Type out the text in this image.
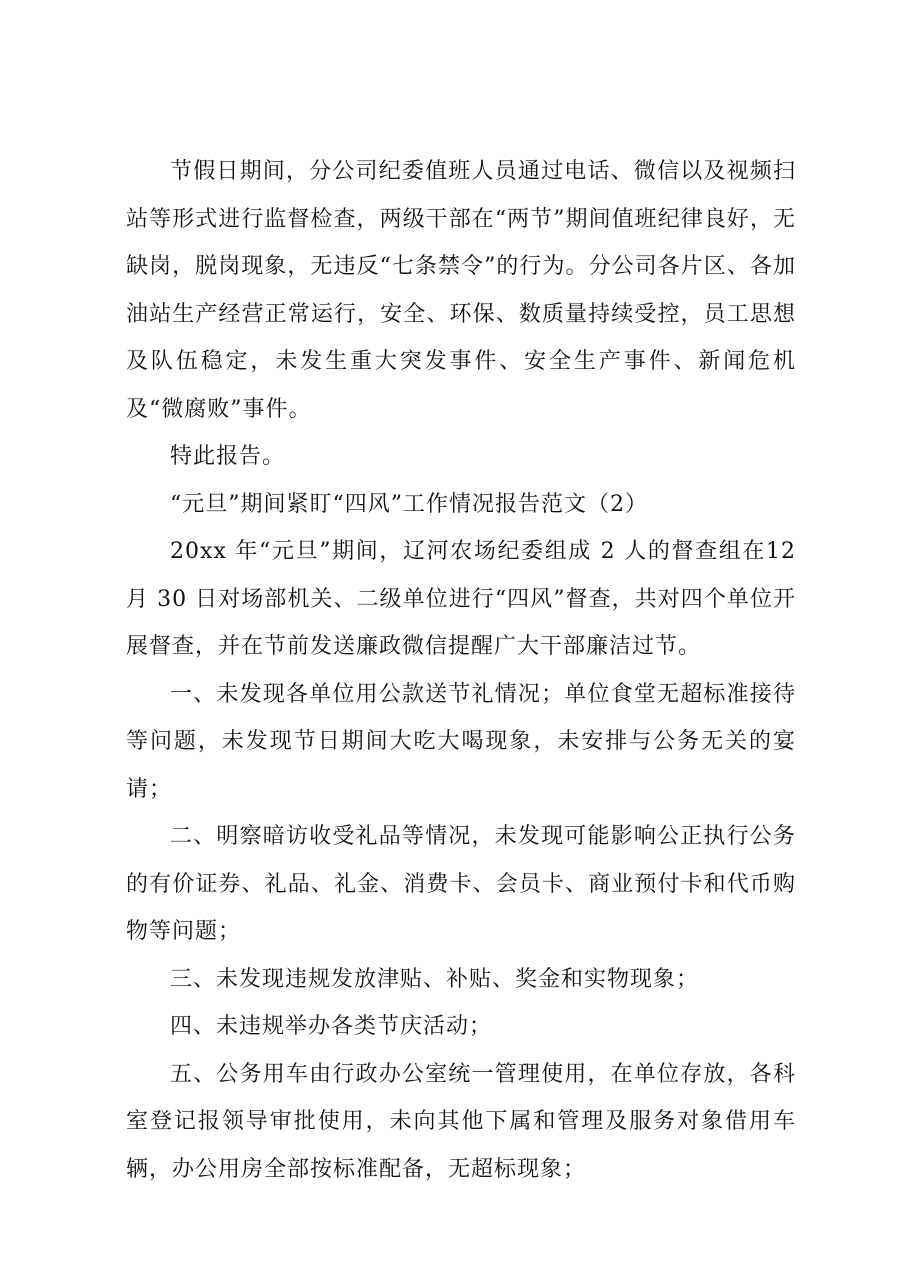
节假日期间，分公司纪委值班人员通过电话、微信以及视频扫站等形式进行监督检查，两级干部在“两节”期间值班纪律良好，无缺岗，脱岗现象，无违反“七条禁令”的行为。分公司各片区、各加油站生产经营正常运行，安全、环保、数质量持续受控，员工思想及队伍稳定，未发生重大突发事件、安全生产事件、新闻危机及“微腐败”事件。

特此报告。

“元旦”期间紧盯“四风”工作情况报告范文（2）

20xx 年“元旦”期间，辽河农场纪委组成 2 人的督查组在12 月 30 日对场部机关、二级单位进行“四风”督查，共对四个单位开展督查，并在节前发送廉政微信提醒广大干部廉洁过节。

一、未发现各单位用公款送节礼情况；单位食堂无超标准接待等问题，未发现节日期间大吃大喝现象，未安排与公务无关的宴请；

二、明察暗访收受礼品等情况，未发现可能影响公正执行公务的有价证券、礼品、礼金、消费卡、会员卡、商业预付卡和代币购物等问题；

三、未发现违规发放津贴、补贴、奖金和实物现象；

四、未违规举办各类节庆活动；

五、公务用车由行政办公室统一管理使用，在单位存放，各科室登记报领导审批使用，未向其他下属和管理及服务对象借用车辆，办公用房全部按标准配备，无超标现象；
